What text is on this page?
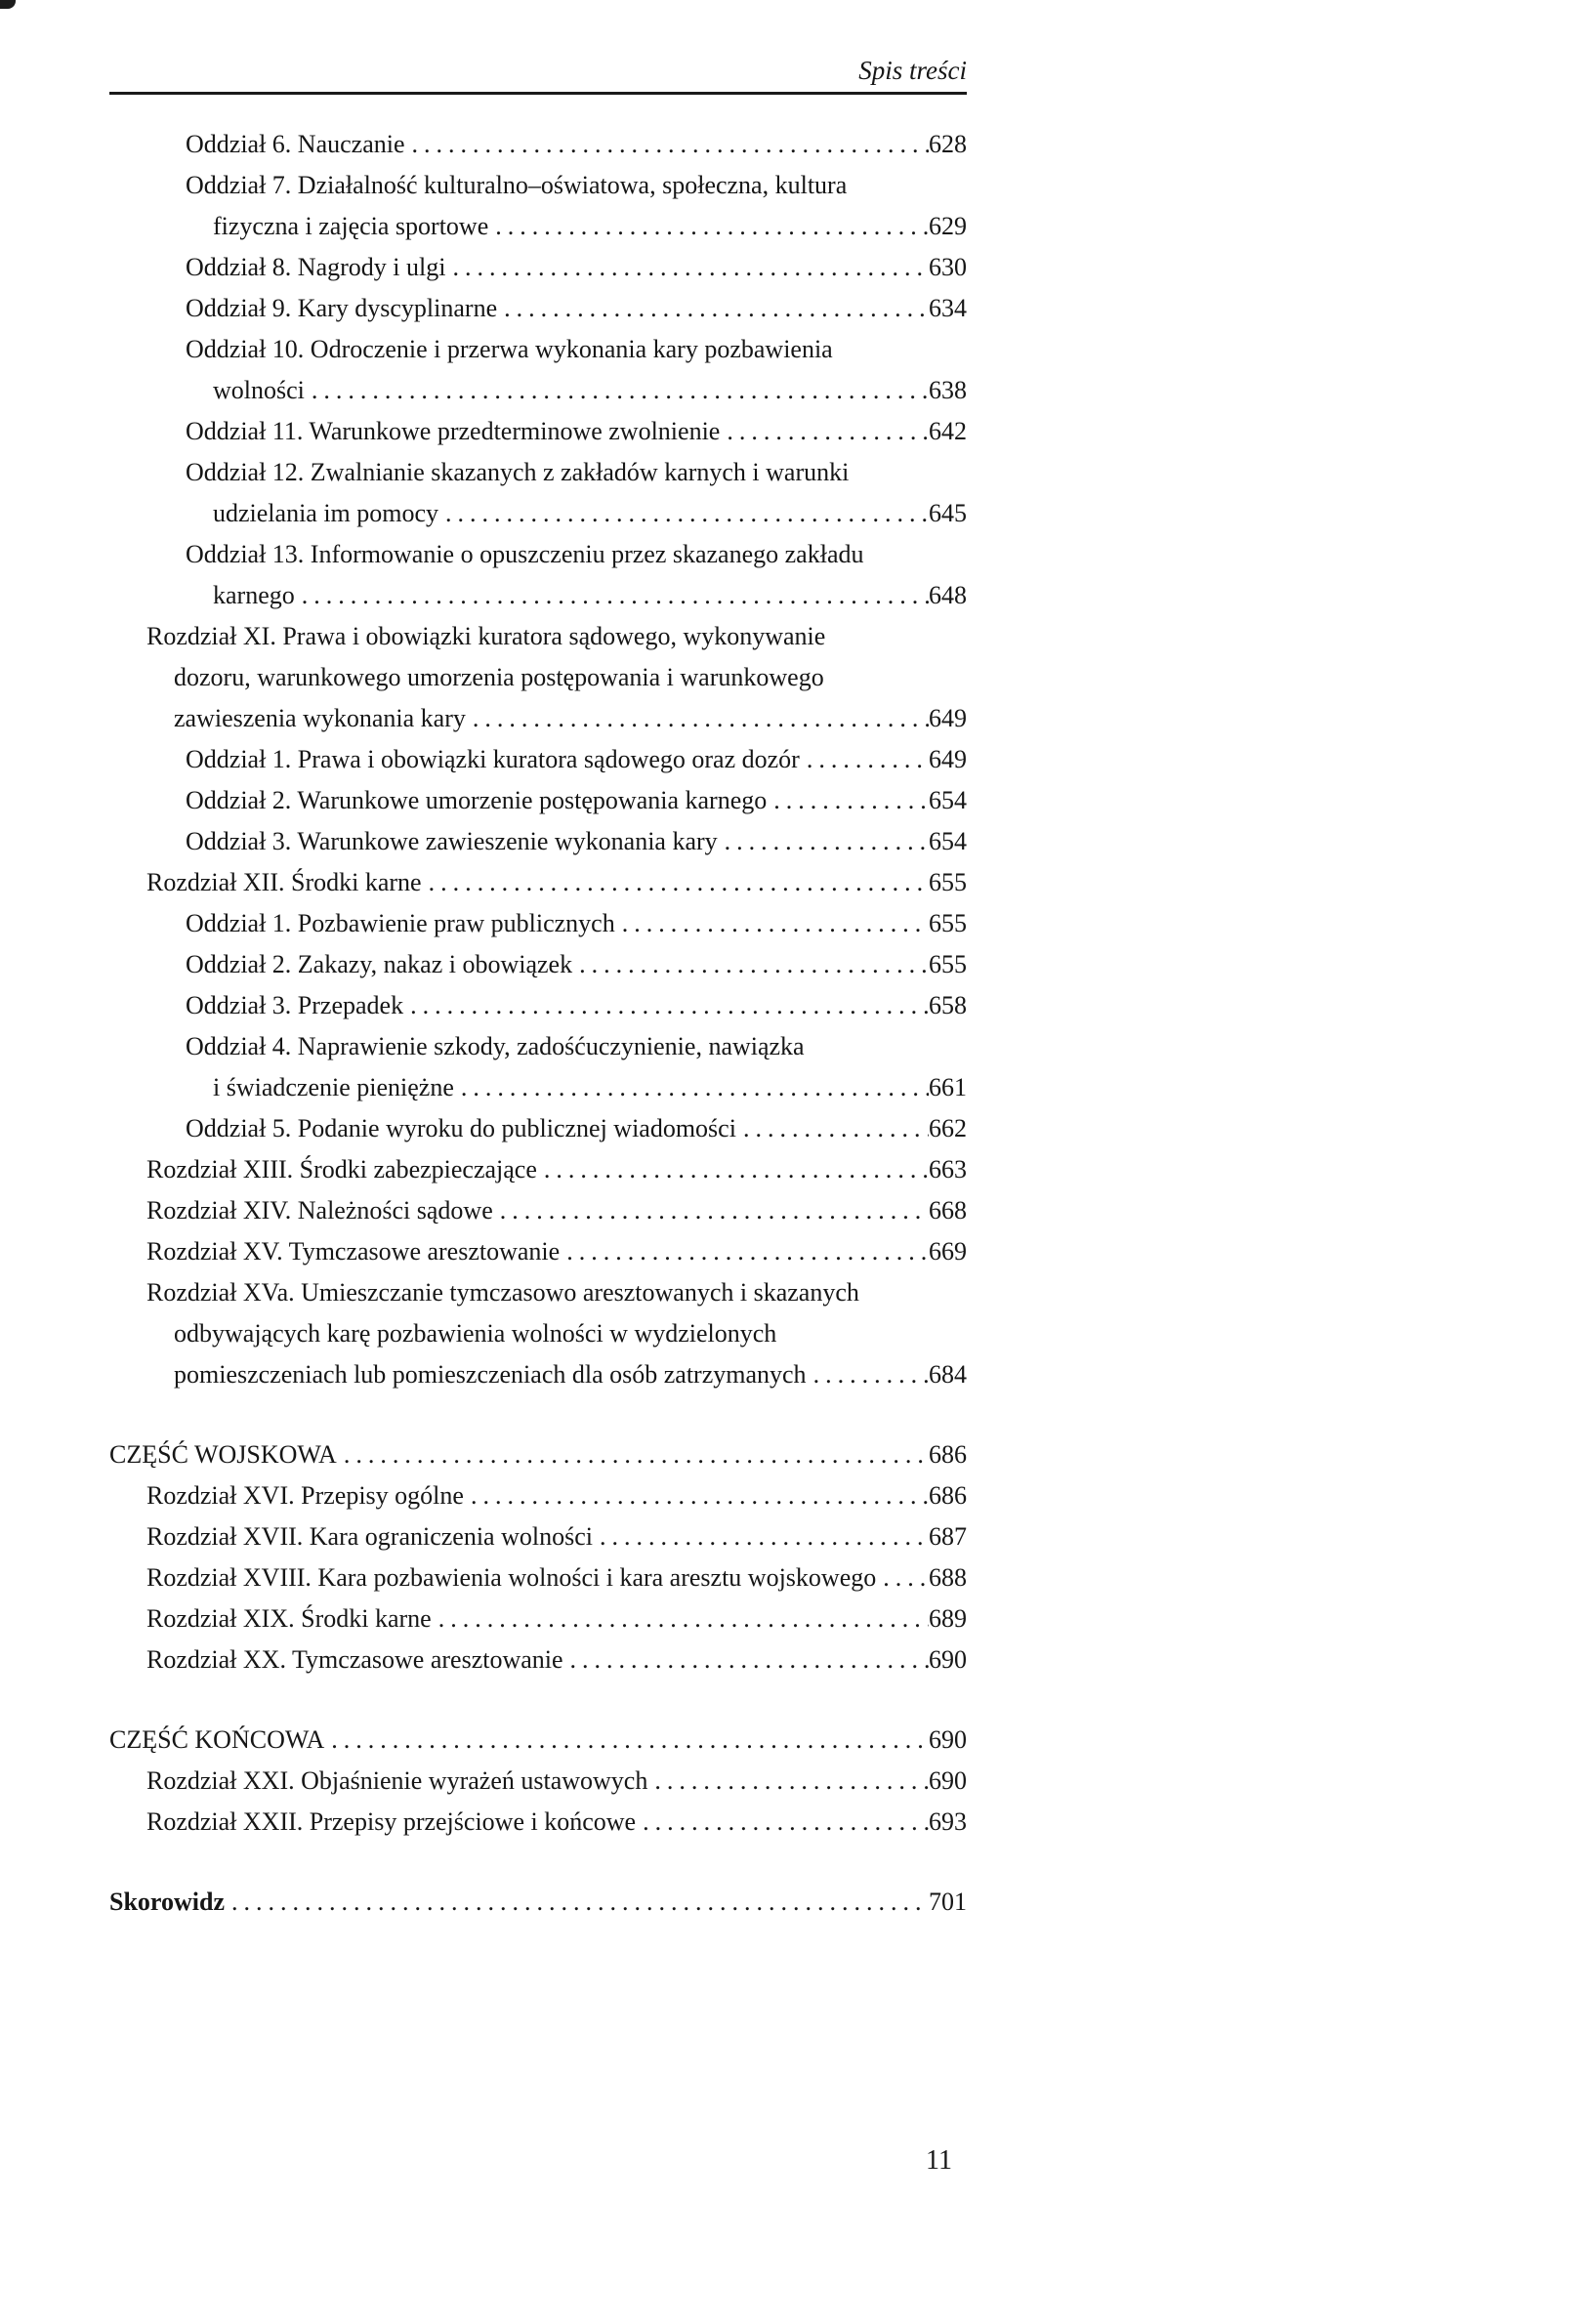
Spis treści
Oddział 6. Nauczanie .....	628
Oddział 7. Działalność kulturalno–oświatowa, społeczna, kultura
fizyczna i zajęcia sportowe .....	629
Oddział 8. Nagrody i ulgi .....	630
Oddział 9. Kary dyscyplinarne .....	634
Oddział 10. Odroczenie i przerwa wykonania kary pozbawienia
wolności .....	638
Oddział 11. Warunkowe przedterminowe zwolnienie .....	642
Oddział 12. Zwalnianie skazanych z zakładów karnych i warunki
udzielania im pomocy .....	645
Oddział 13. Informowanie o opuszczeniu przez skazanego zakładu
karnego .....	648
Rozdział XI. Prawa i obowiązki kuratora sądowego, wykonywanie
dozoru, warunkowego umorzenia postępowania i warunkowego
zawieszenia wykonania kary .....	649
Oddział 1. Prawa i obowiązki kuratora sądowego oraz dozór .....	649
Oddział 2. Warunkowe umorzenie postępowania karnego .....	654
Oddział 3. Warunkowe zawieszenie wykonania kary .....	654
Rozdział XII. Środki karne .....	655
Oddział 1. Pozbawienie praw publicznych .....	655
Oddział 2. Zakazy, nakaz i obowiązek .....	655
Oddział 3. Przepadek .....	658
Oddział 4. Naprawienie szkody, zadośćuczynienie, nawiązka
i świadczenie pieniężne .....	661
Oddział 5. Podanie wyroku do publicznej wiadomości .....	662
Rozdział XIII. Środki zabezpieczające .....	663
Rozdział XIV. Należności sądowe .....	668
Rozdział XV. Tymczasowe aresztowanie .....	669
Rozdział XVa. Umieszczanie tymczasowo aresztowanych i skazanych
odbywających karę pozbawienia wolności w wydzielonych
pomieszczeniach lub pomieszczeniach dla osób zatrzymanych .....	684
CZĘŚĆ WOJSKOWA .....	686
Rozdział XVI. Przepisy ogólne .....	686
Rozdział XVII. Kara ograniczenia wolności .....	687
Rozdział XVIII. Kara pozbawienia wolności i kara aresztu wojskowego ..... 688
Rozdział XIX. Środki karne .....	689
Rozdział XX. Tymczasowe aresztowanie .....	690
CZĘŚĆ KOŃCOWA .....	690
Rozdział XXI. Objaśnienie wyrażeń ustawowych .....	690
Rozdział XXII. Przepisy przejściowe i końcowe .....	693
Skorowidz .....	701
11
